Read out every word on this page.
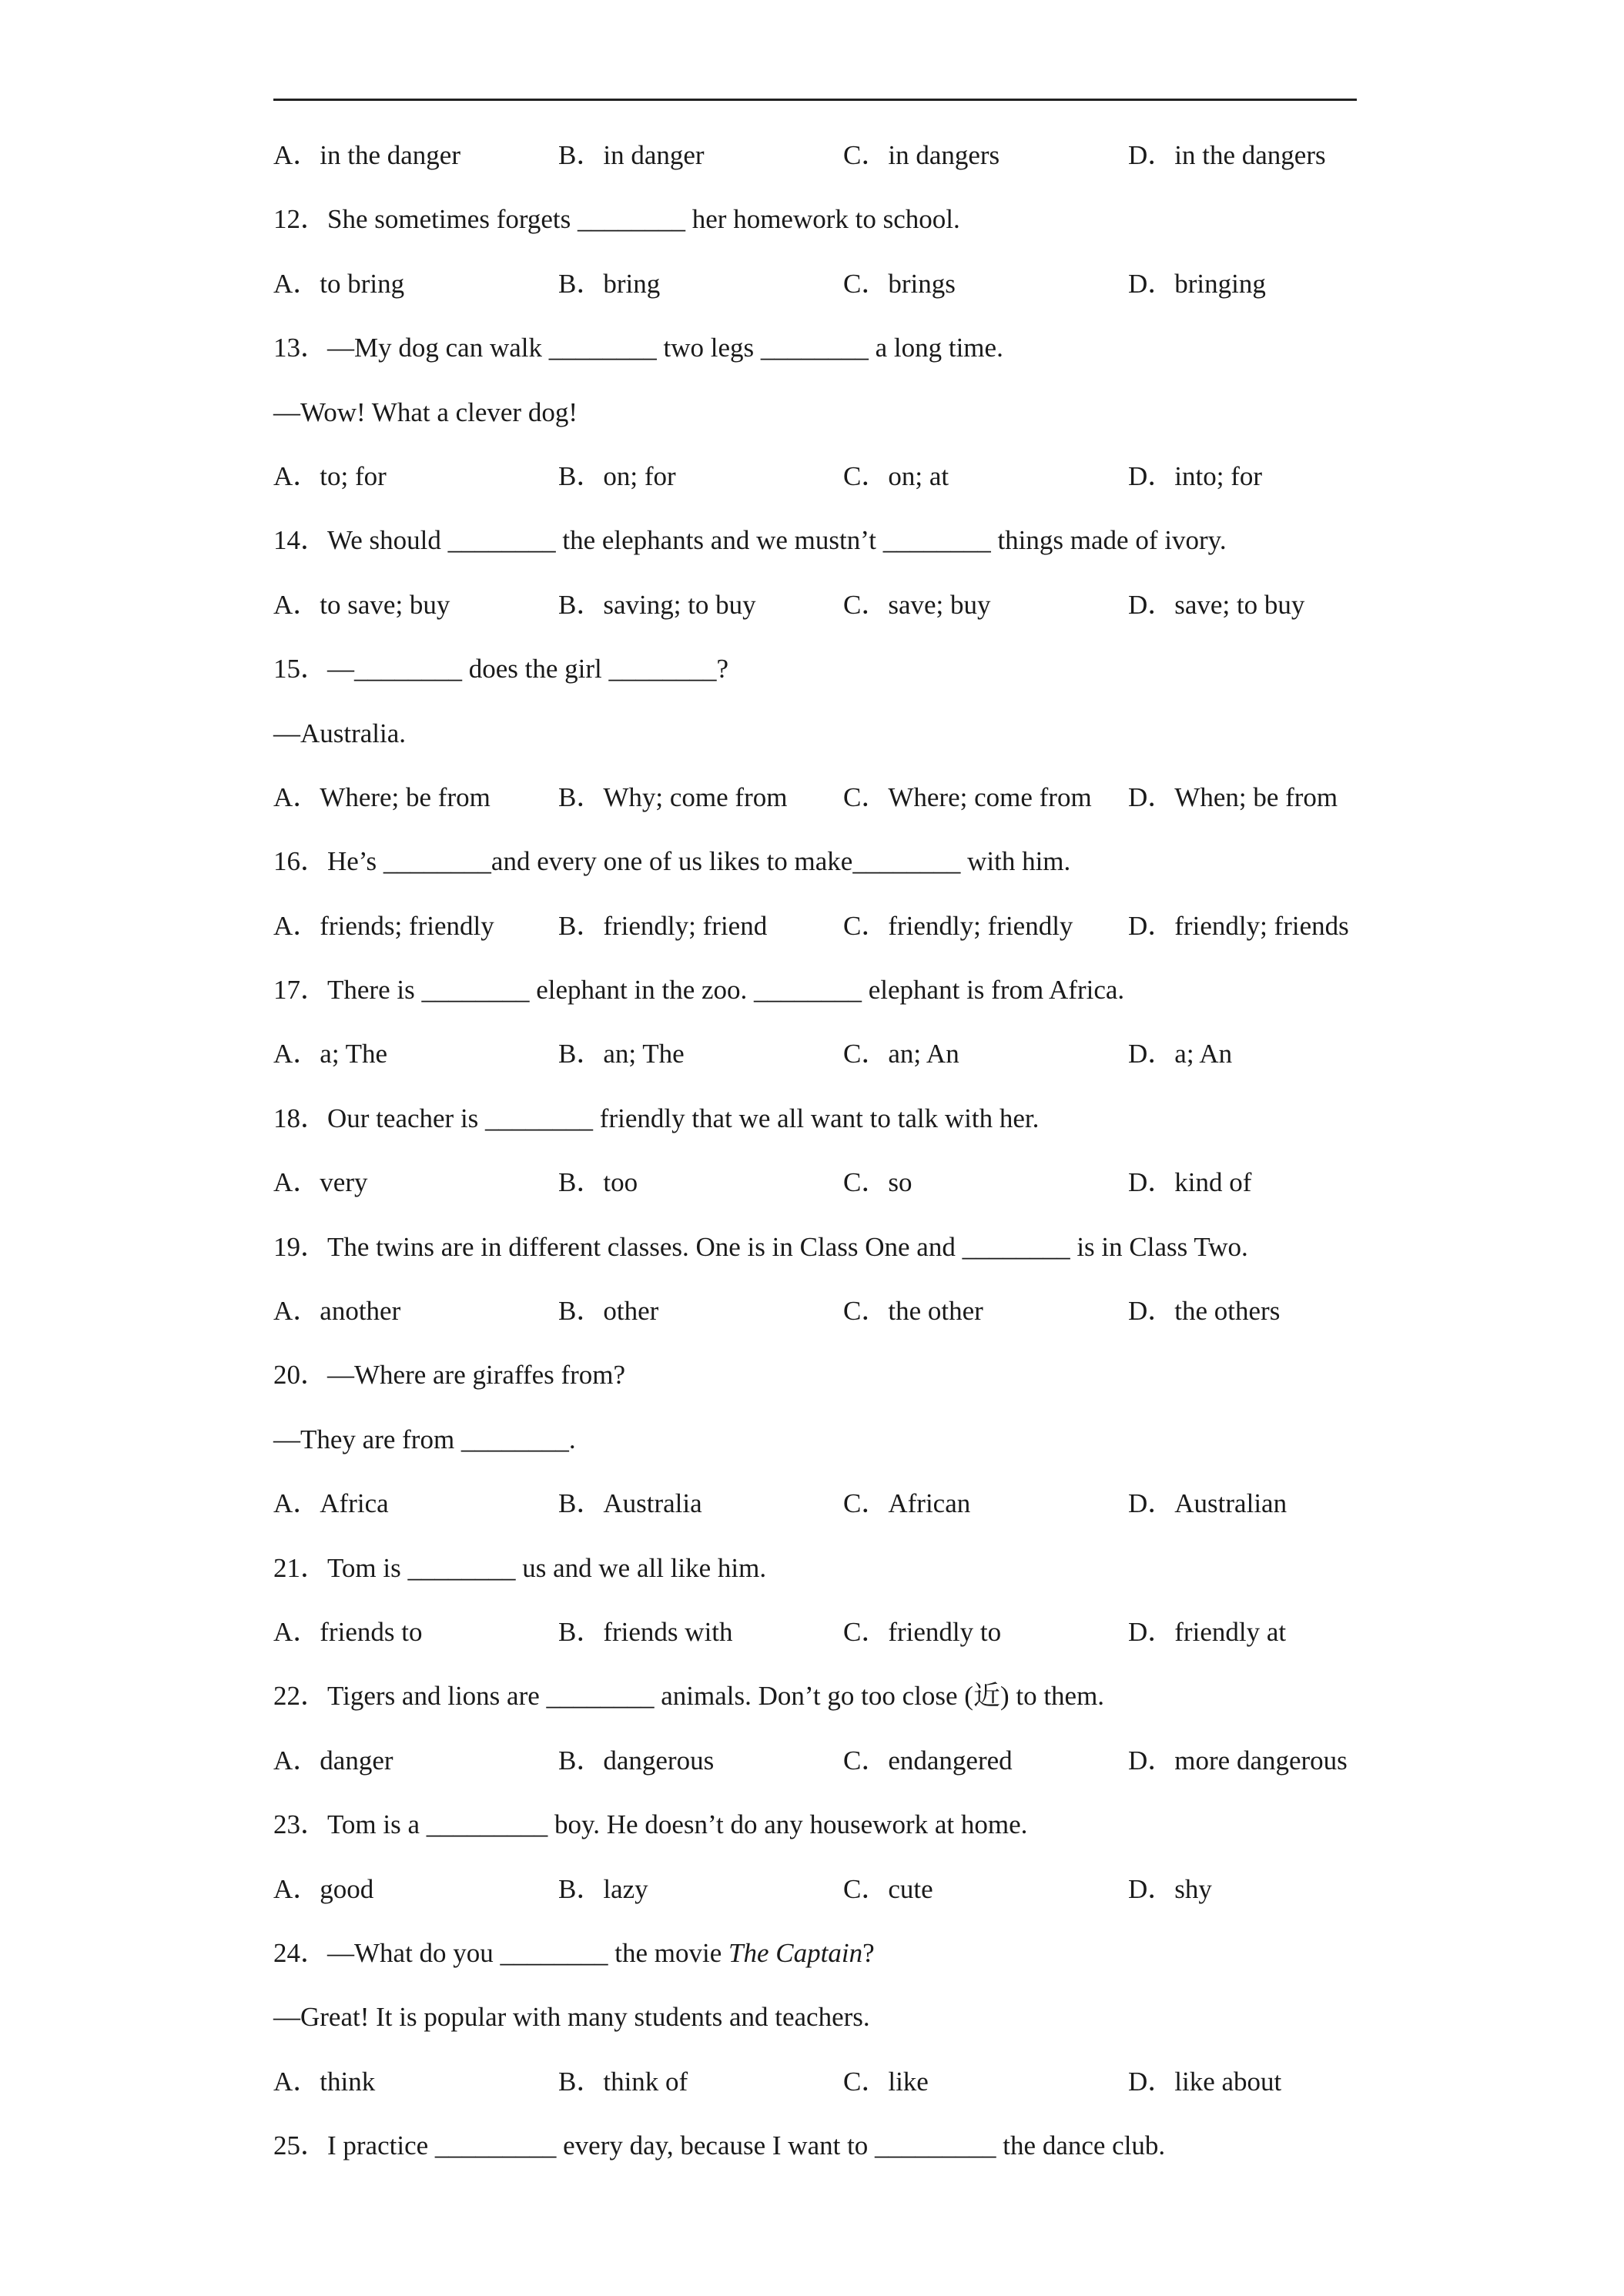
A．in the danger	B．in danger	C．in dangers	D．in the dangers
12．She sometimes forgets ________ her homework to school.
A．to bring	B．bring	C．brings	D．bringing
13．—My dog can walk ________ two legs ________ a long time.
—Wow! What a clever dog!
A．to; for	B．on; for	C．on; at	D．into; for
14．We should ________ the elephants and we mustn’t ________ things made of ivory.
A．to save; buy	B．saving; to buy	C．save; buy	D．save; to buy
15．—________ does the girl ________?
—Australia.
A．Where; be from	B．Why; come from	C．Where; come from	D．When; be from
16．He’s ________and every one of us likes to make________ with him.
A．friends; friendly	B．friendly; friend	C．friendly; friendly	D．friendly; friends
17．There is ________ elephant in the zoo. ________ elephant is from Africa.
A．a; The	B．an; The	C．an; An	D．a; An
18．Our teacher is ________ friendly that we all want to talk with her.
A．very	B．too	C．so	D．kind of
19．The twins are in different classes. One is in Class One and ________ is in Class Two.
A．another	B．other	C．the other	D．the others
20．—Where are giraffes from?
—They are from ________.
A．Africa	B．Australia	C．African	D．Australian
21．Tom is ________ us and we all like him.
A．friends to	B．friends with	C．friendly to	D．friendly at
22．Tigers and lions are ________ animals. Don’t go too close (近) to them.
A．danger	B．dangerous	C．endangered	D．more dangerous
23．Tom is a _________ boy. He doesn’t do any housework at home.
A．good	B．lazy	C．cute	D．shy
24．—What do you ________ the movie The Captain?
—Great! It is popular with many students and teachers.
A．think	B．think of	C．like	D．like about
25．I practice _________ every day, because I want to _________ the dance club.
